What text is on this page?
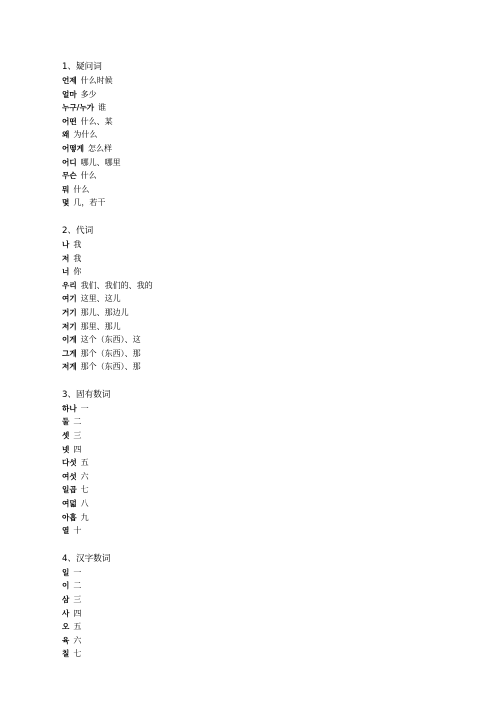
1、疑问词
언제 什么时候
얼마 多少
누구/누가 谁
어떤 什么、某
왜 为什么
어떻게 怎么样
어디 哪儿、哪里
무슨 什么
뭐 什么
몇 几，若干
2、代词
나 我
저 我
너 你
우리 我们、我们的、我的
여기 这里、这儿
거기 那儿、那边儿
저기 那里、那儿
이게 这个（东西）、这
그게 那个（东西）、那
저게 那个（东西）、那
3、固有数词
하나 一
둘 二
셋 三
넷 四
다섯 五
여섯 六
일곱 七
여덟 八
아홉 九
열 十
4、汉字数词
일 一
이 二
삼 三
사 四
오 五
육 六
칠 七
